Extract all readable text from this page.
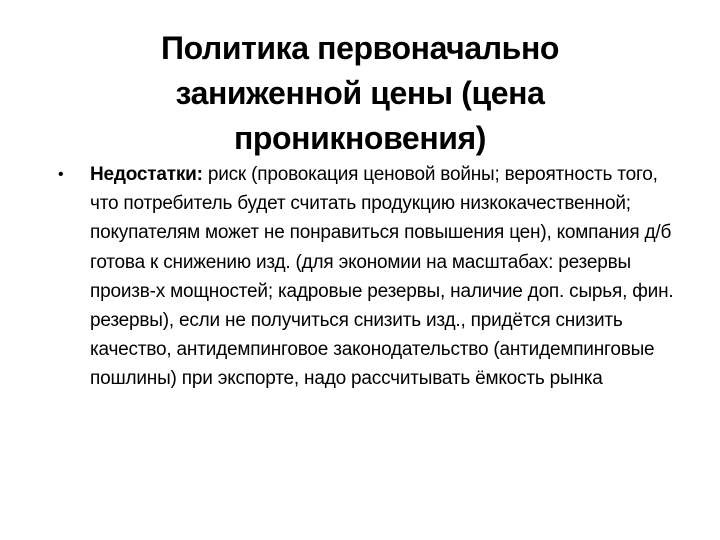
Политика первоначально заниженной цены (цена проникновения)
• Недостатки: риск (провокация ценовой войны; вероятность того, что потребитель будет считать продукцию низкокачественной; покупателям может не понравиться повышения цен), компания д/б готова к снижению изд. (для экономии на масштабах: резервы произв-х мощностей; кадровые резервы, наличие доп. сырья, фин. резервы), если не получиться снизить изд., придётся снизить качество, антидемпинговое законодательство (антидемпинговые пошлины) при экспорте, надо рассчитывать ёмкость рынка
